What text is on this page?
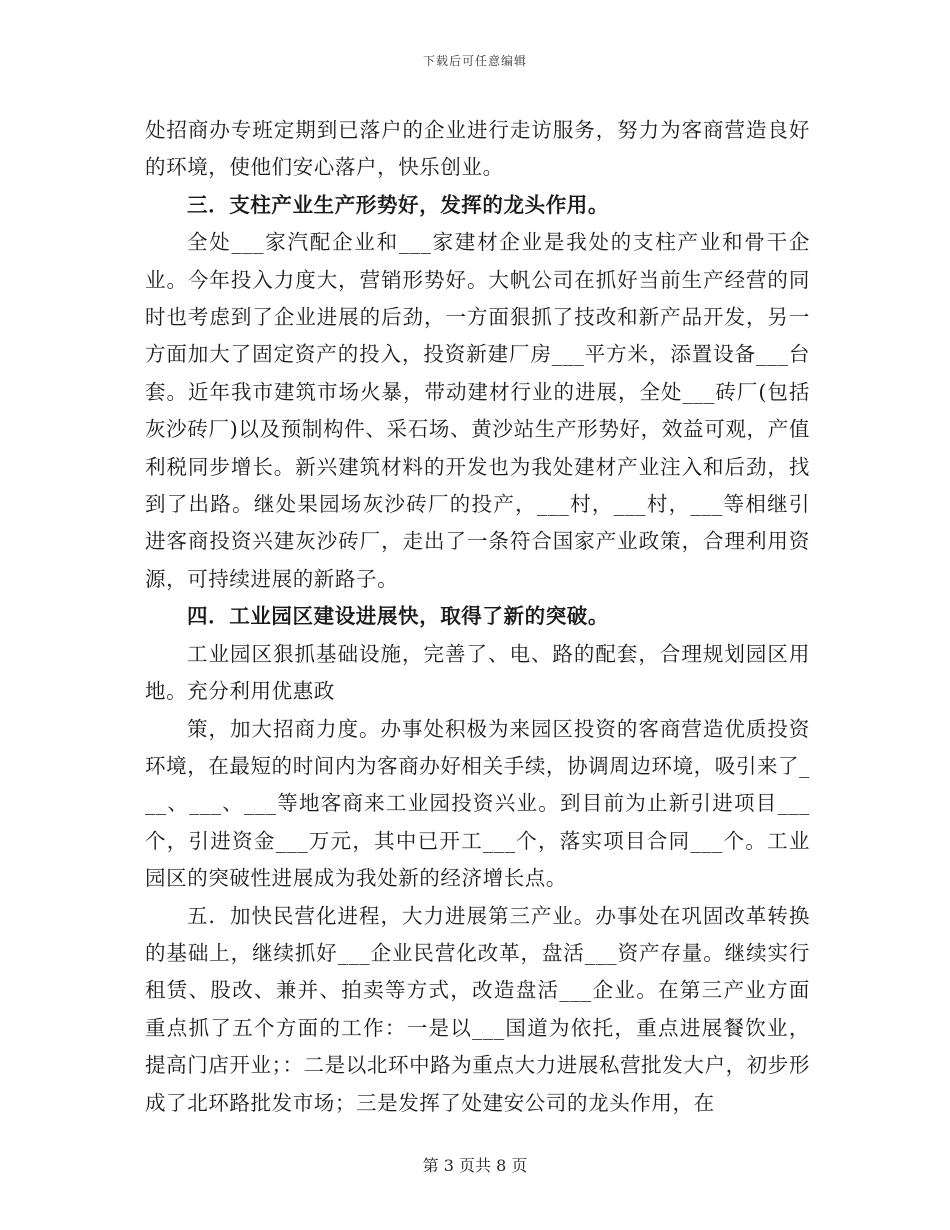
下载后可任意编辑

处招商办专班定期到已落户的企业进行走访服务，努力为客商营造良好的环境，使他们安心落户，快乐创业。

三．支柱产业生产形势好，发挥的龙头作用。

全处___家汽配企业和___家建材企业是我处的支柱产业和骨干企业。今年投入力度大，营销形势好。大帆公司在抓好当前生产经营的同时也考虑到了企业进展的后劲，一方面狠抓了技改和新产品开发，另一方面加大了固定资产的投入，投资新建厂房___平方米，添置设备___台套。近年我市建筑市场火暴，带动建材行业的进展，全处___砖厂(包括灰沙砖厂)以及预制构件、采石场、黄沙站生产形势好，效益可观，产值利税同步增长。新兴建筑材料的开发也为我处建材产业注入和后劲，找到了出路。继处果园场灰沙砖厂的投产，___村，___村，___等相继引进客商投资兴建灰沙砖厂，走出了一条符合国家产业政策，合理利用资源，可持续进展的新路子。

四．工业园区建设进展快，取得了新的突破。

工业园区狠抓基础设施，完善了、电、路的配套，合理规划园区用地。充分利用优惠政

策，加大招商力度。办事处积极为来园区投资的客商营造优质投资环境，在最短的时间内为客商办好相关手续，协调周边环境，吸引来了___、___、___等地客商来工业园投资兴业。到目前为止新引进项目___个，引进资金___万元，其中已开工___个，落实项目合同___个。工业园区的突破性进展成为我处新的经济增长点。

五．加快民营化进程，大力进展第三产业。办事处在巩固改革转换的基础上，继续抓好___企业民营化改革，盘活___资产存量。继续实行租赁、股改、兼并、拍卖等方式，改造盘活___企业。在第三产业方面重点抓了五个方面的工作：一是以___国道为依托，重点进展餐饮业，提高门店开业；：二是以北环中路为重点大力进展私营批发大户，初步形成了北环路批发市场；三是发挥了处建安公司的龙头作用，在

第 3 页共 8 页
